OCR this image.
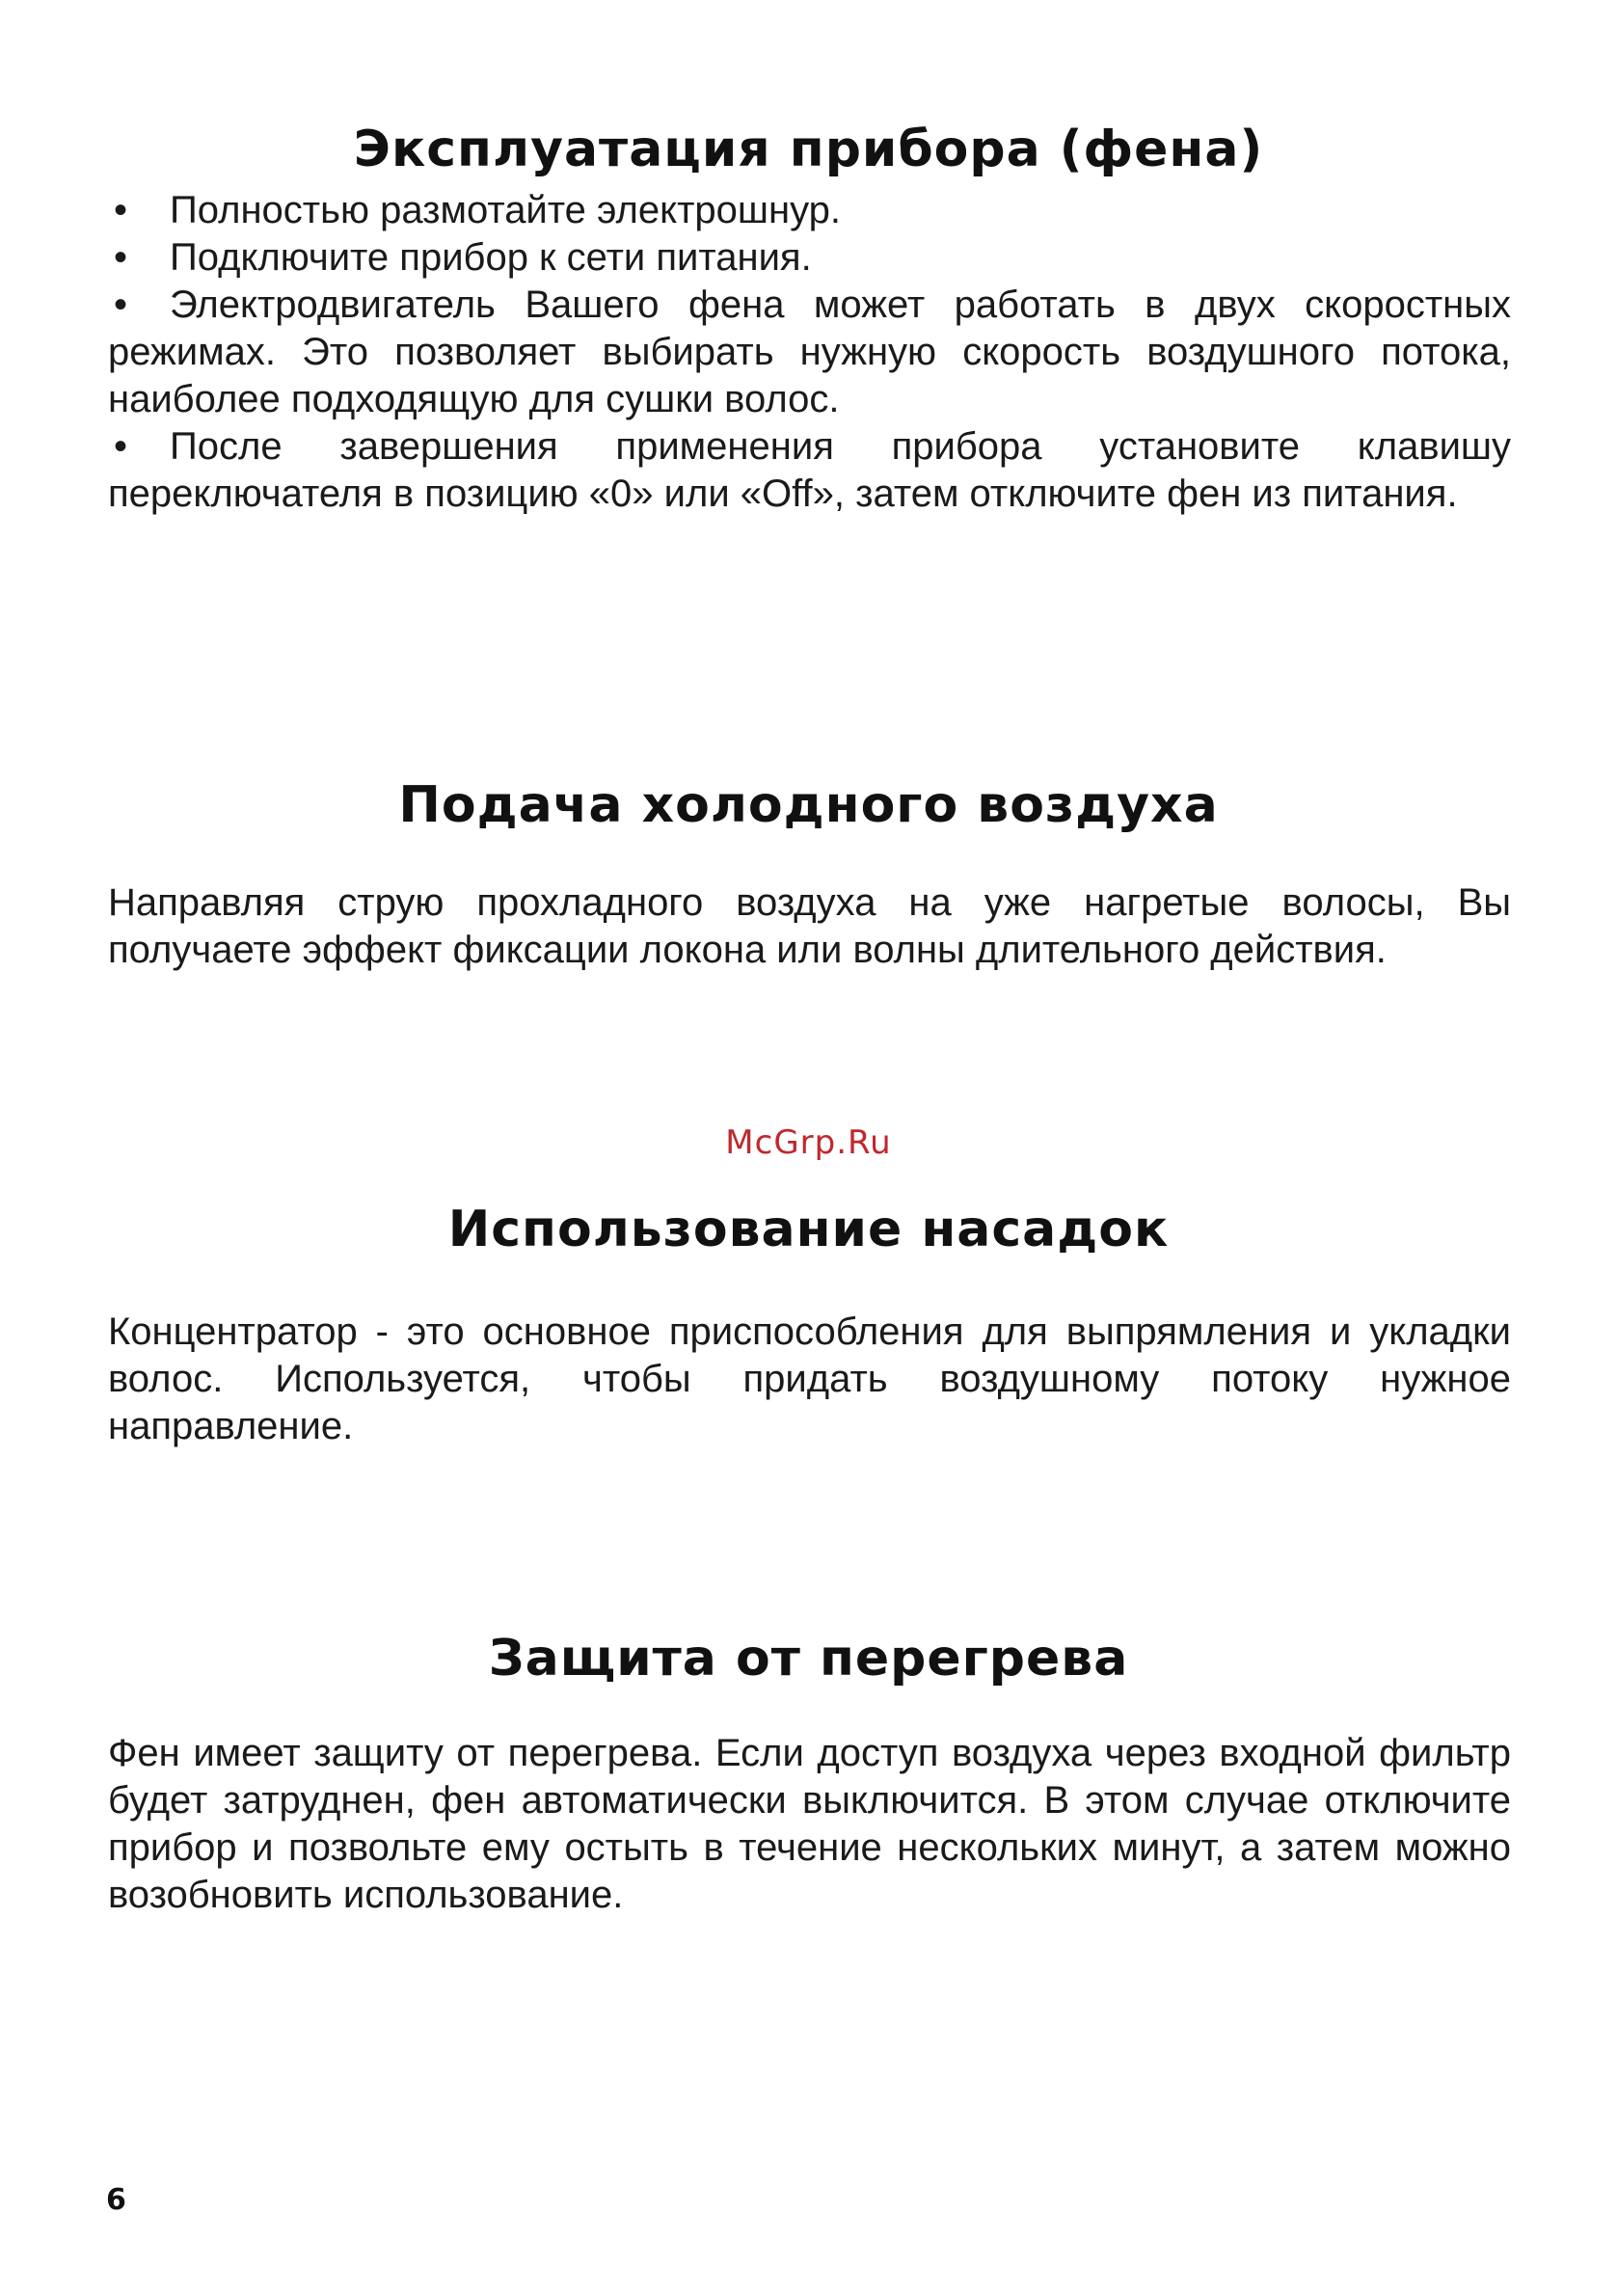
Эксплуатация прибора (фена)
• Полностью размотайте электрошнур.
• Подключите прибор к сети питания.
• Электродвигатель Вашего фена может работать в двух скоростных режимах. Это позволяет выбирать нужную скорость воздушного потока, наиболее подходящую для сушки волос.
• После завершения применения прибора установите клавишу переключателя в позицию «0» или «Off», затем отключите фен из питания.
Подача холодного воздуха

Направляя струю прохладного воздуха на уже нагретые волосы, Вы получаете эффект фиксации локона или волны длительного действия.

McGrp.Ru
Использование насадок

Концентратор - это основное приспособления для выпрямления и укладки волос. Используется, чтобы придать воздушному потоку нужное направление.

Защита от перегрева

Фен имеет защиту от перегрева. Если доступ воздуха через входной фильтр будет затруднен, фен автоматически выключится. В этом случае отключите прибор и позвольте ему остыть в течение нескольких минут, а затем можно возобновить использование.

6
